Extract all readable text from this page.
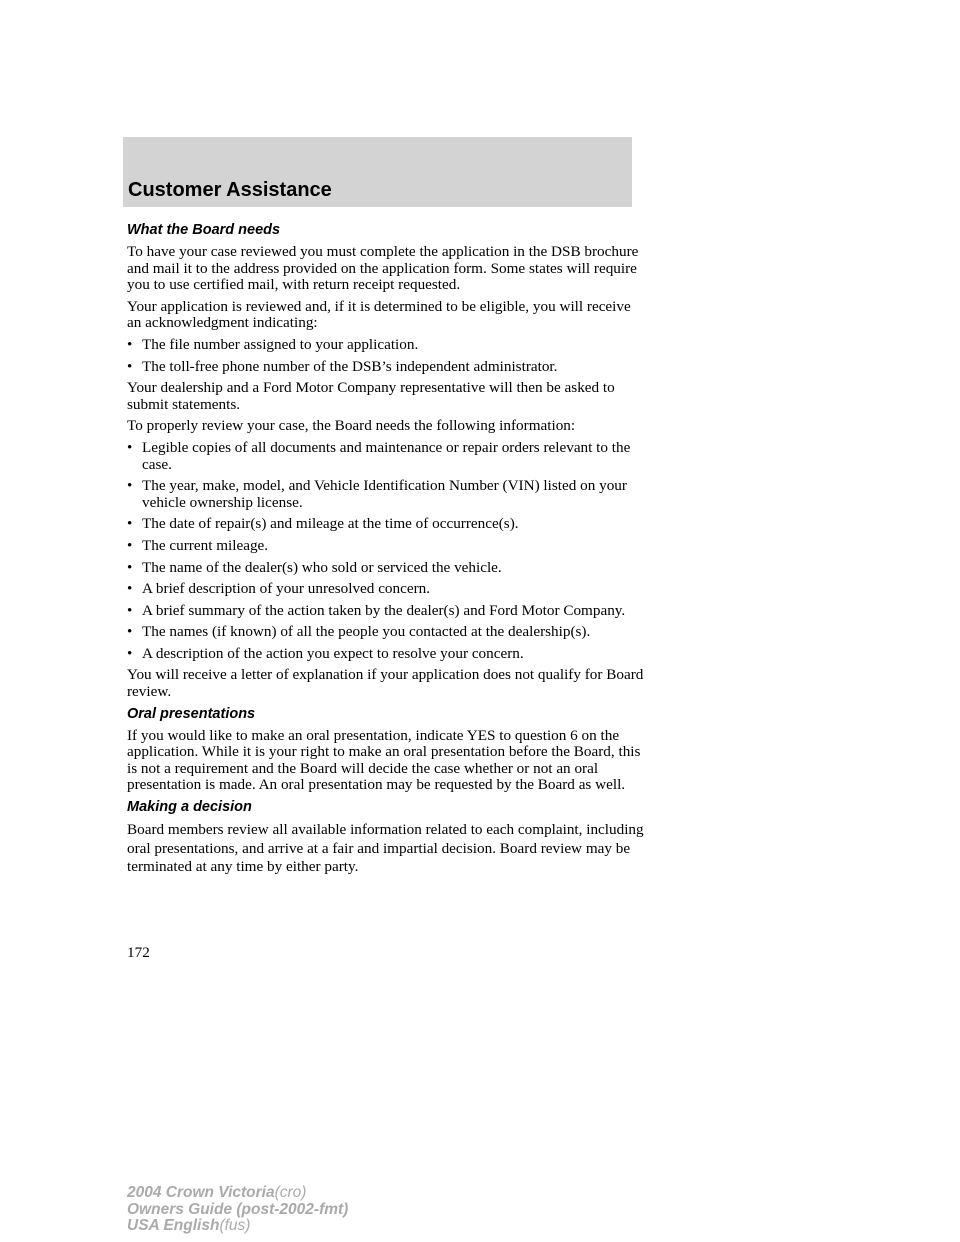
Customer Assistance
What the Board needs

To have your case reviewed you must complete the application in the DSB brochure and mail it to the address provided on the application form. Some states will require you to use certified mail, with return receipt requested.

Your application is reviewed and, if it is determined to be eligible, you will receive an acknowledgment indicating:

• The file number assigned to your application.
• The toll-free phone number of the DSB’s independent administrator.

Your dealership and a Ford Motor Company representative will then be asked to submit statements.

To properly review your case, the Board needs the following information:

• Legible copies of all documents and maintenance or repair orders relevant to the case.
• The year, make, model, and Vehicle Identification Number (VIN) listed on your vehicle ownership license.
• The date of repair(s) and mileage at the time of occurrence(s).
• The current mileage.
• The name of the dealer(s) who sold or serviced the vehicle.
• A brief description of your unresolved concern.
• A brief summary of the action taken by the dealer(s) and Ford Motor Company.
• The names (if known) of all the people you contacted at the dealership(s).
• A description of the action you expect to resolve your concern.

You will receive a letter of explanation if your application does not qualify for Board review.

Oral presentations

If you would like to make an oral presentation, indicate YES to question 6 on the application. While it is your right to make an oral presentation before the Board, this is not a requirement and the Board will decide the case whether or not an oral presentation is made. An oral presentation may be requested by the Board as well.

Making a decision

Board members review all available information related to each complaint, including oral presentations, and arrive at a fair and impartial decision. Board review may be terminated at any time by either party.

172
2004 Crown Victoria(cro)
Owners Guide (post-2002-fmt)
USA English(fus)
